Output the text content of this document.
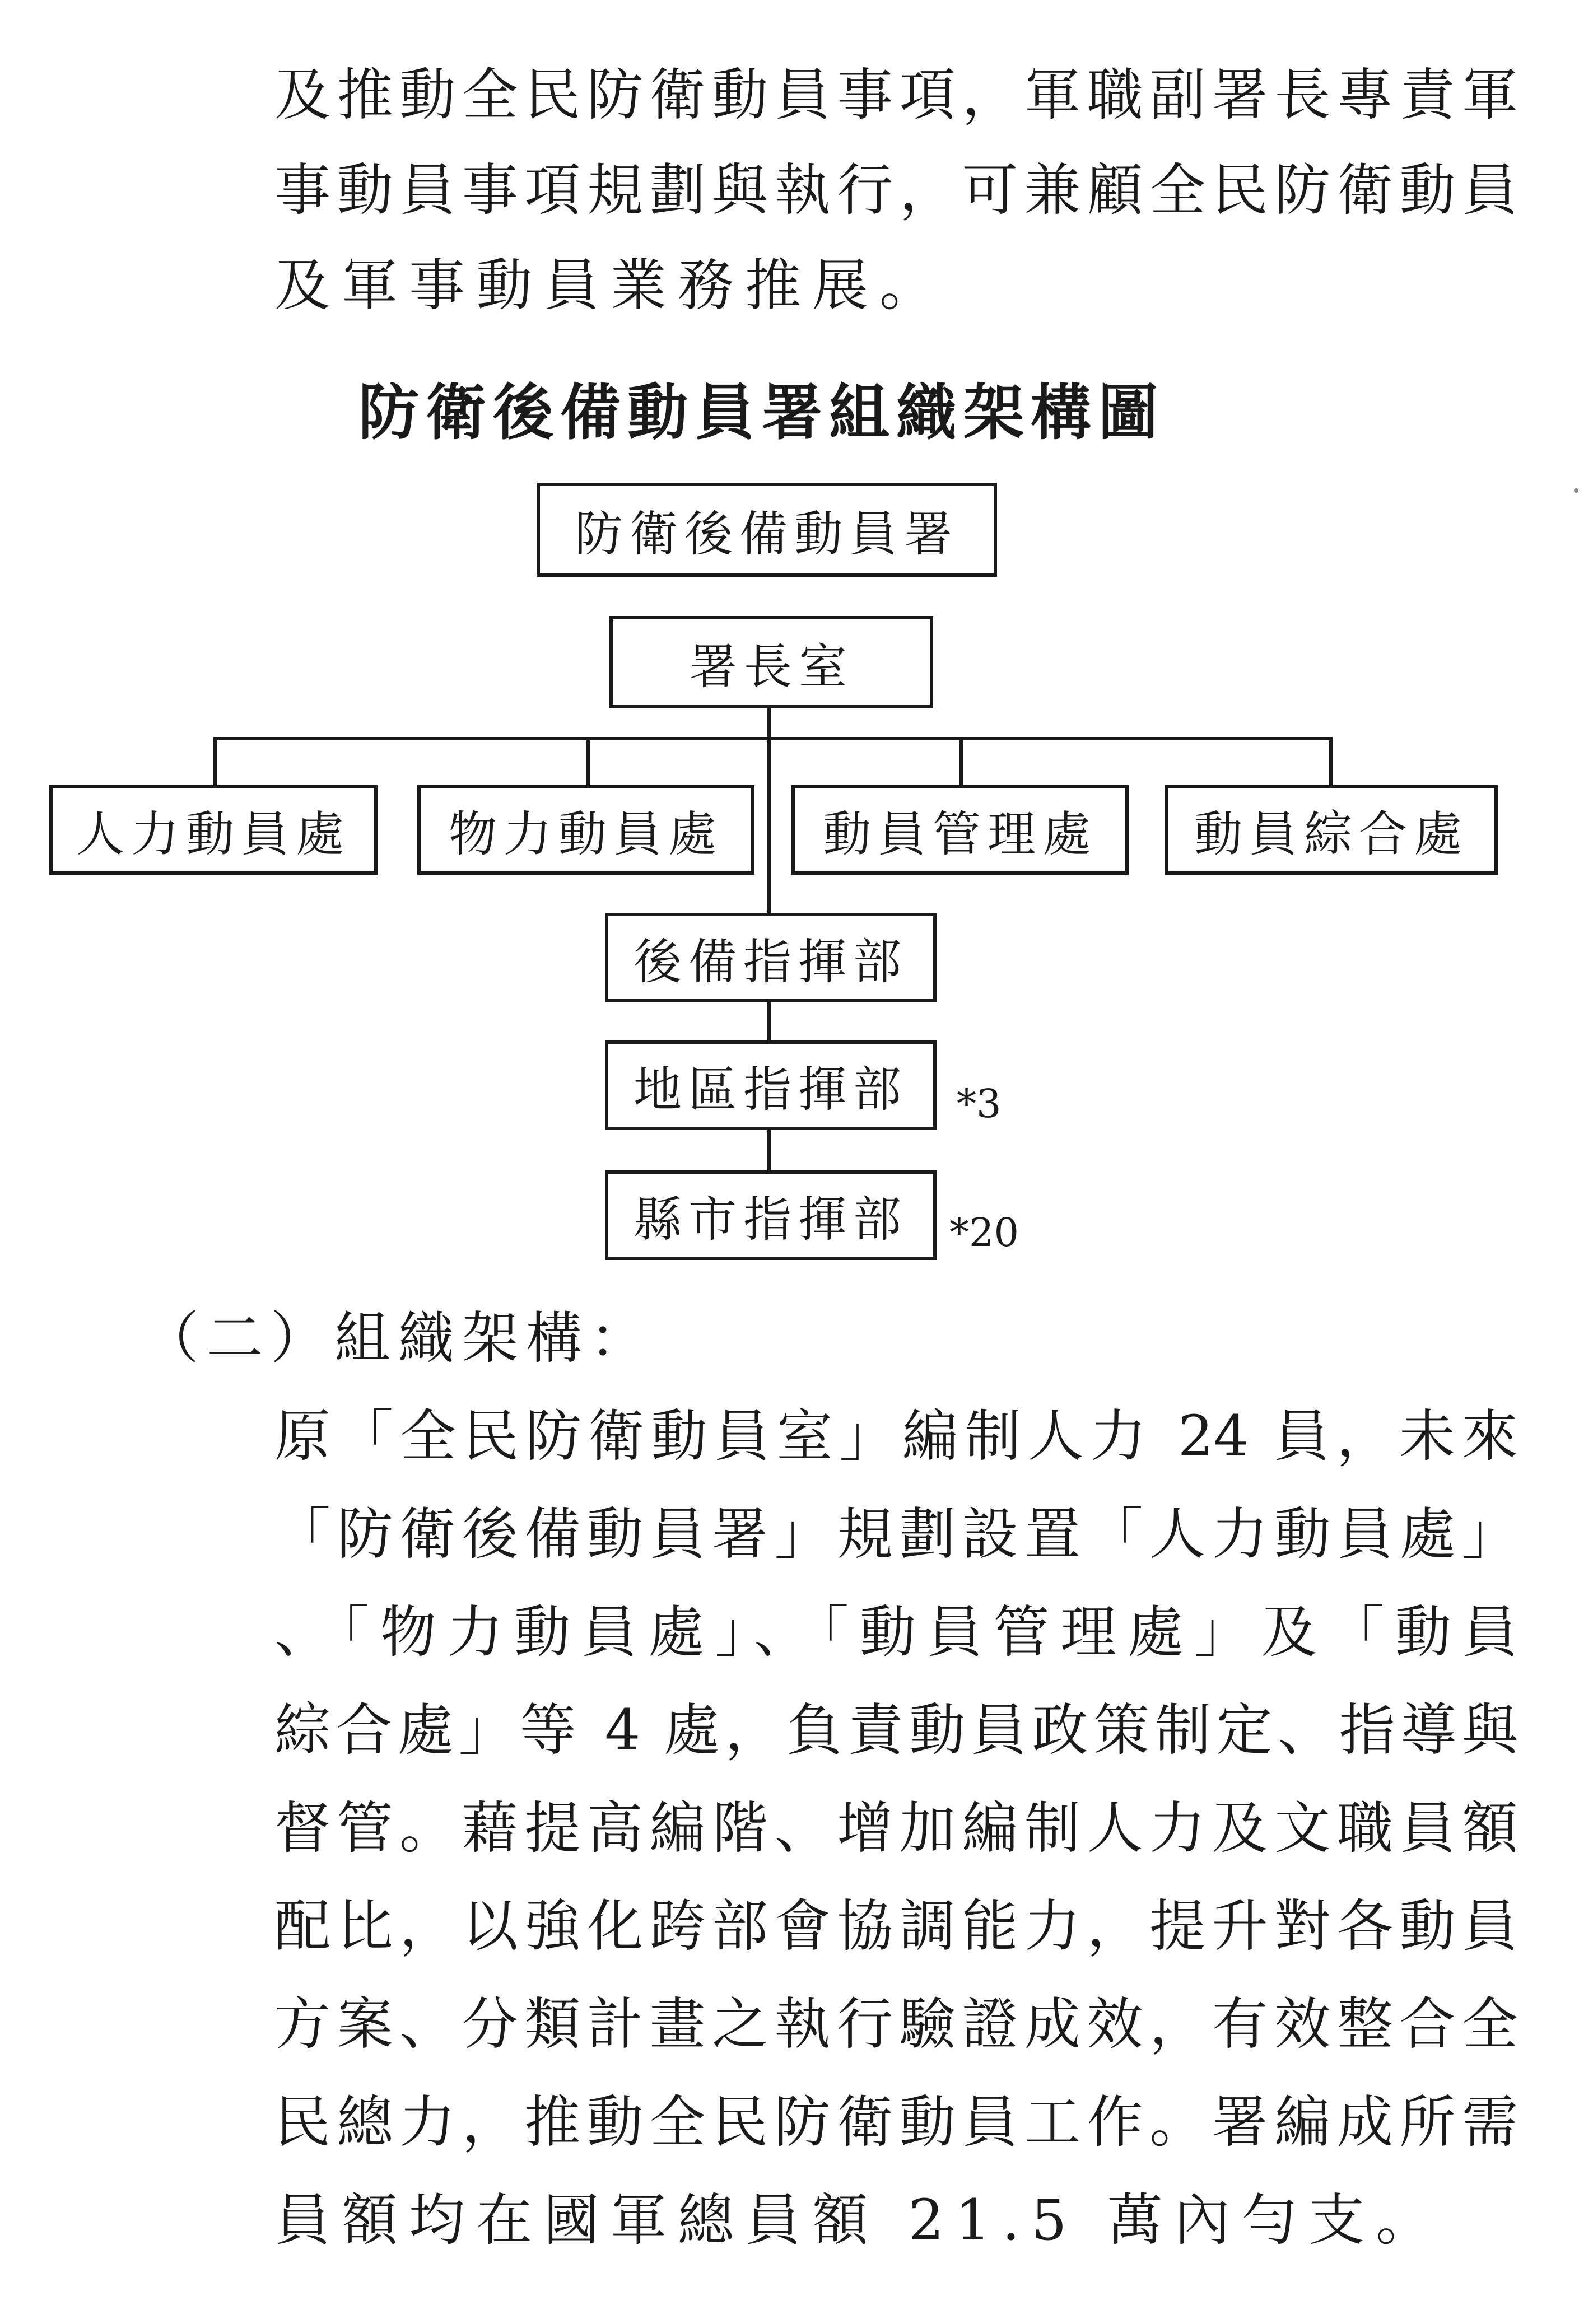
及推動全民防衛動員事項，軍職副署長專責軍
事動員事項規劃與執行，可兼顧全民防衛動員
及軍事動員業務推展。
防衛後備動員署組織架構圖
防衛後備動員署
署長室
人力動員處 物力動員處 動員管理處 動員綜合處
後備指揮部
地區指揮部 *3
縣市指揮部 *20
（二）組織架構：
原「全民防衛動員室」編制人力 24 員，未來
「防衛後備動員署」規劃設置「人力動員處」
、「物力動員處」、「動員管理處」及「動員
綜合處」等 4 處，負責動員政策制定、指導與
督管。藉提高編階、增加編制人力及文職員額
配比，以強化跨部會協調能力，提升對各動員
方案、分類計畫之執行驗證成效，有效整合全
民總力，推動全民防衛動員工作。署編成所需
員額均在國軍總員額 21.5 萬內勻支。
